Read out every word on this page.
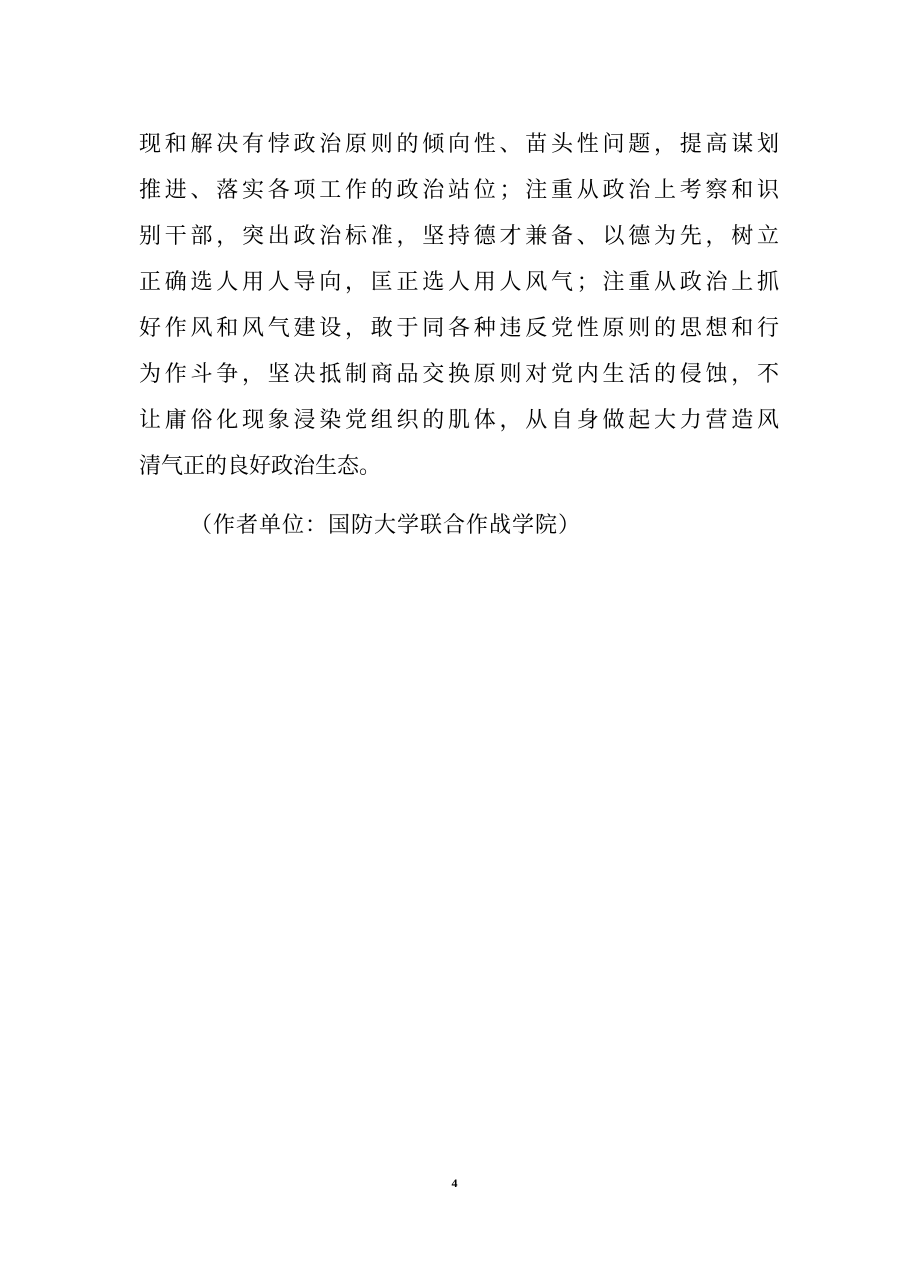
现和解决有悖政治原则的倾向性、苗头性问题，提高谋划
推进、落实各项工作的政治站位；注重从政治上考察和识
别干部，突出政治标准，坚持德才兼备、以德为先，树立
正确选人用人导向，匡正选人用人风气；注重从政治上抓
好作风和风气建设，敢于同各种违反党性原则的思想和行
为作斗争，坚决抵制商品交换原则对党内生活的侵蚀，不
让庸俗化现象浸染党组织的肌体，从自身做起大力营造风
清气正的良好政治生态。
（作者单位：国防大学联合作战学院）
4
